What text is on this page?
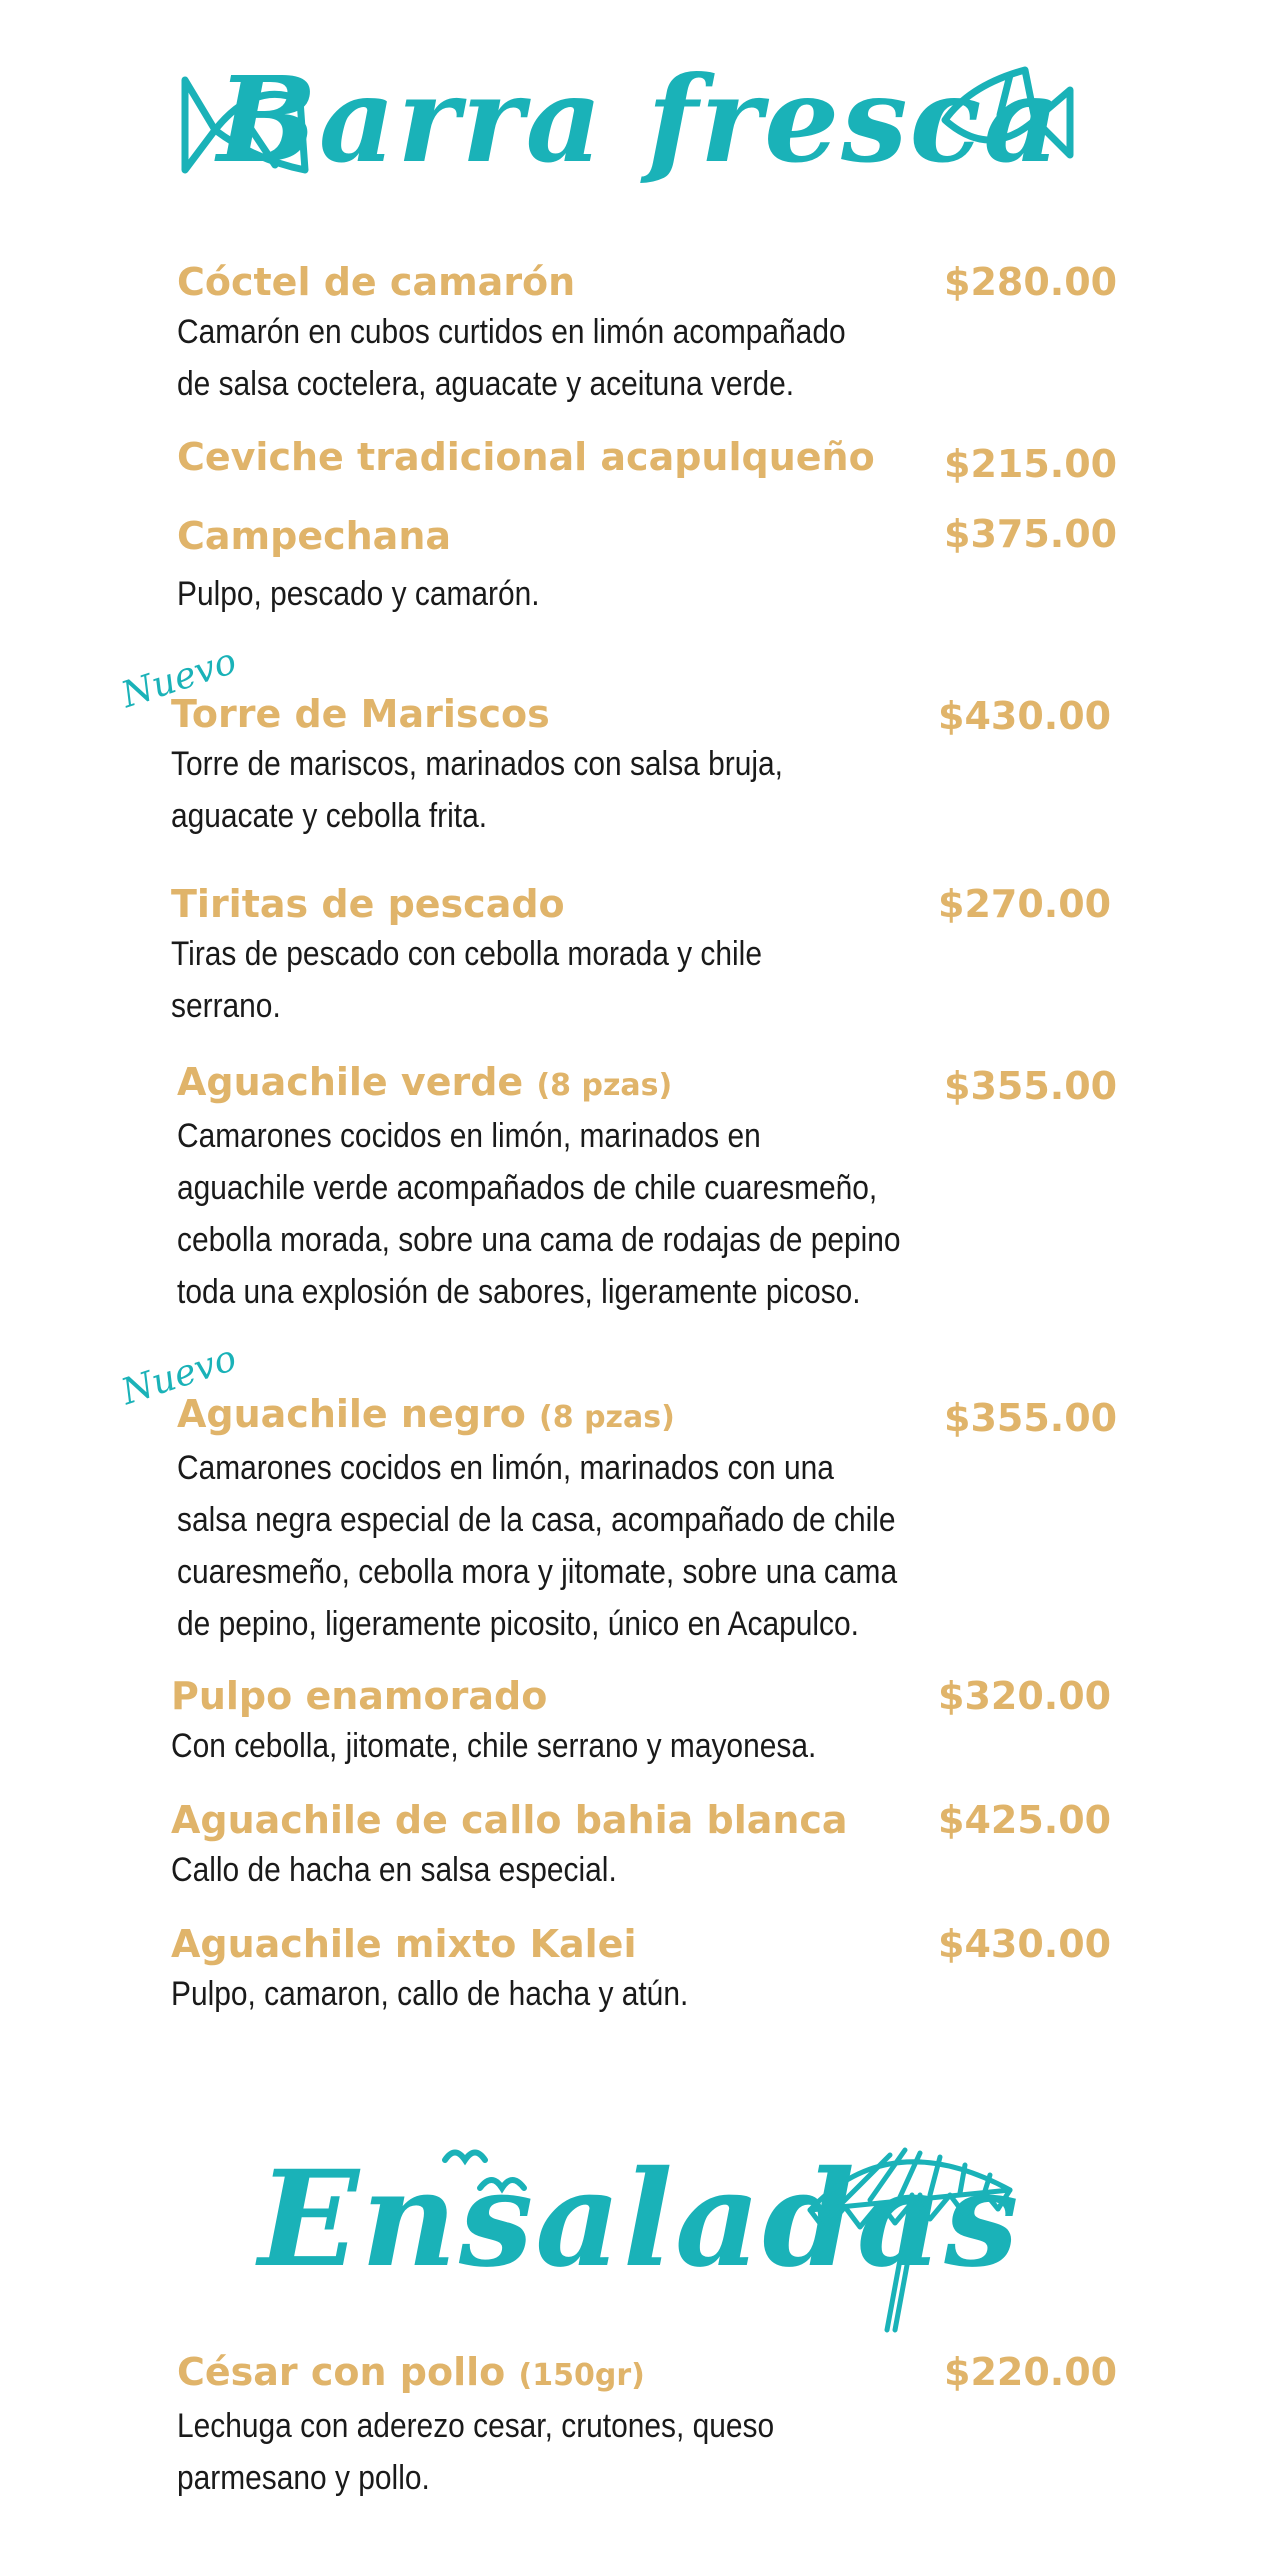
Barra fresca
Cóctel de camarón
Camarón en cubos curtidos en limón acompañado
de salsa coctelera, aguacate y aceituna verde.
$280.00
Ceviche tradicional acapulqueño	$215.00
Campechana
Pulpo, pescado y camarón.
$375.00
Nuevo
Torre de Mariscos
Torre de mariscos, marinados con salsa bruja,
aguacate y cebolla frita.
$430.00
Tiritas de pescado
Tiras de pescado con cebolla morada y chile
serrano.
$270.00
Aguachile verde (8 pzas)
Camarones cocidos en limón, marinados en
aguachile verde acompañados de chile cuaresmeño,
cebolla morada, sobre una cama de rodajas de pepino
toda una explosión de sabores, ligeramente picoso.
$355.00
Nuevo
Aguachile negro (8 pzas)
Camarones cocidos en limón, marinados con una
salsa negra especial de la casa, acompañado de chile
cuaresmeño, cebolla mora y jitomate, sobre una cama
de pepino, ligeramente picosito, único en Acapulco.
$355.00
Pulpo enamorado
Con cebolla, jitomate, chile serrano y mayonesa.
$320.00
Aguachile de callo bahia blanca
Callo de hacha en salsa especial.
$425.00
Aguachile mixto Kalei
Pulpo, camaron, callo de hacha y atún.
$430.00
Ensaladas
César con pollo (150gr)
Lechuga con aderezo cesar, crutones, queso
parmesano y pollo.
$220.00
